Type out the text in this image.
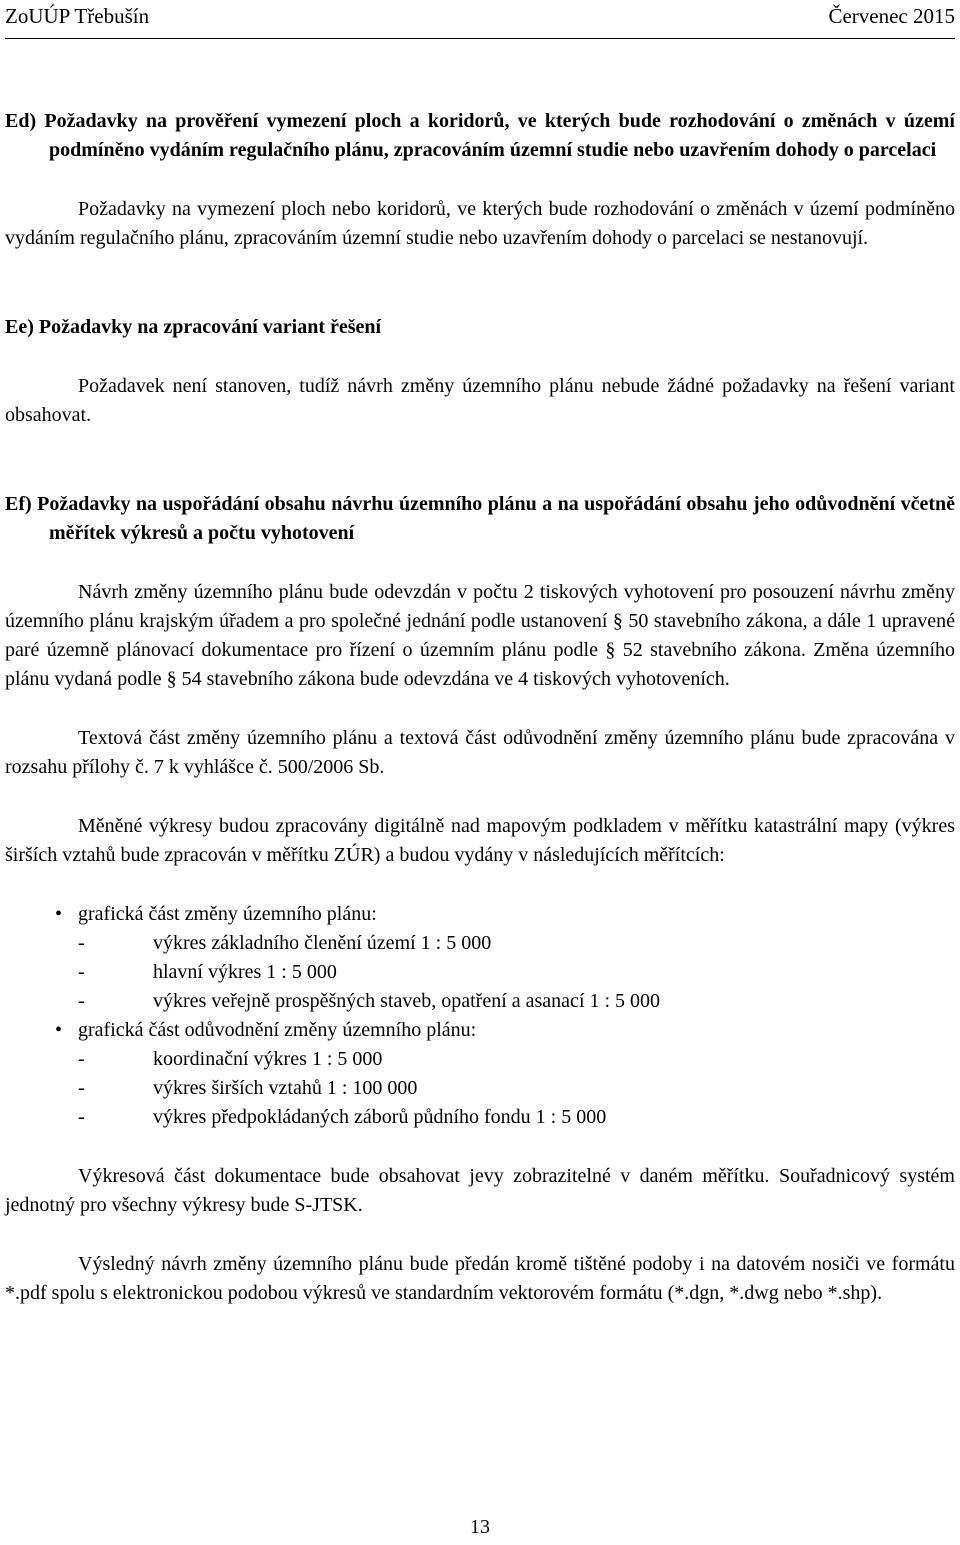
ZoUÚP Třebušín	Červenec 2015

Ed) Požadavky na prověření vymezení ploch a koridorů, ve kterých bude rozhodování o změnách v území podmíněno vydáním regulačního plánu, zpracováním územní studie nebo uzavřením dohody o parcelaci

Požadavky na vymezení ploch nebo koridorů, ve kterých bude rozhodování o změnách v území podmíněno vydáním regulačního plánu, zpracováním územní studie nebo uzavřením dohody o parcelaci se nestanovují.

Ee) Požadavky na zpracování variant řešení

Požadavek není stanoven, tudíž návrh změny územního plánu nebude žádné požadavky na řešení variant obsahovat.

Ef) Požadavky na uspořádání obsahu návrhu územního plánu a na uspořádání obsahu jeho odůvodnění včetně měřítek výkresů a počtu vyhotovení

Návrh změny územního plánu bude odevzdán v počtu 2 tiskových vyhotovení pro posouzení návrhu změny územního plánu krajským úřadem a pro společné jednání podle ustanovení § 50 stavebního zákona, a dále 1 upravené paré územně plánovací dokumentace pro řízení o územním plánu podle § 52 stavebního zákona. Změna územního plánu vydaná podle § 54 stavebního zákona bude odevzdána ve 4 tiskových vyhotoveních.

Textová část změny územního plánu a textová část odůvodnění změny územního plánu bude zpracována v rozsahu přílohy č. 7 k vyhlášce č. 500/2006 Sb.

Měněné výkresy budou zpracovány digitálně nad mapovým podkladem v měřítku katastrální mapy (výkres širších vztahů bude zpracován v měřítku ZÚR) a budou vydány v následujících měřítcích:

• grafická část změny územního plánu:
-	výkres základního členění území 1 : 5 000
-	hlavní výkres 1 : 5 000
-	výkres veřejně prospěšných staveb, opatření a asanací 1 : 5 000
• grafická část odůvodnění změny územního plánu:
-	koordinační výkres 1 : 5 000
-	výkres širších vztahů 1 : 100 000
-	výkres předpokládaných záborů půdního fondu 1 : 5 000

Výkresová část dokumentace bude obsahovat jevy zobrazitelné v daném měřítku. Souřadnicový systém jednotný pro všechny výkresy bude S-JTSK.

Výsledný návrh změny územního plánu bude předán kromě tištěné podoby i na datovém nosiči ve formátu *.pdf spolu s elektronickou podobou výkresů ve standardním vektorovém formátu (*.dgn, *.dwg nebo *.shp).

13
